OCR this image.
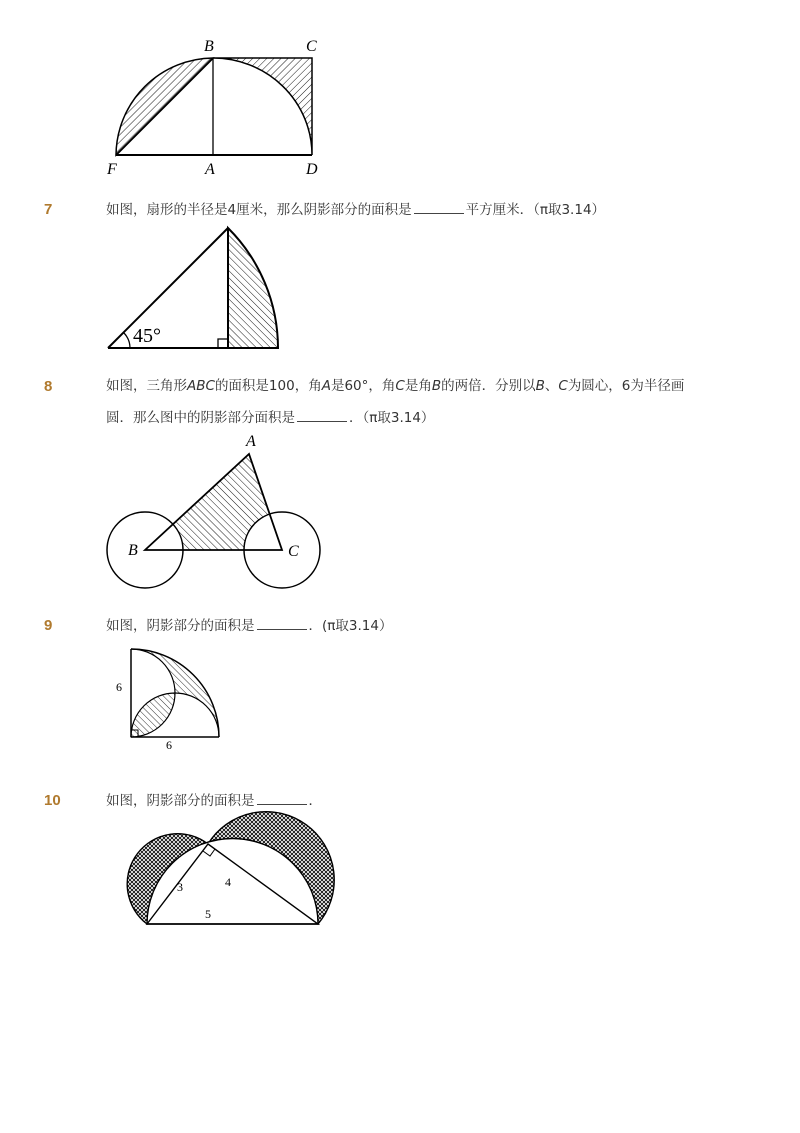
B	C
F	A	D
7	如图，扇形的半径是4厘米，那么阴影部分的面积是	平方厘米．（π取3.14）
45°
8	如图，三角形ABC的面积是100，角A是60°，角C是角B的两倍．分别以B、C为圆心，6为半径画
圆．那么图中的阴影部分面积是	．（π取3.14）
A
B	C
9	如图，阴影部分的面积是	．(π取3.14）
6
6
10	如图，阴影部分的面积是	．
3	4
5
